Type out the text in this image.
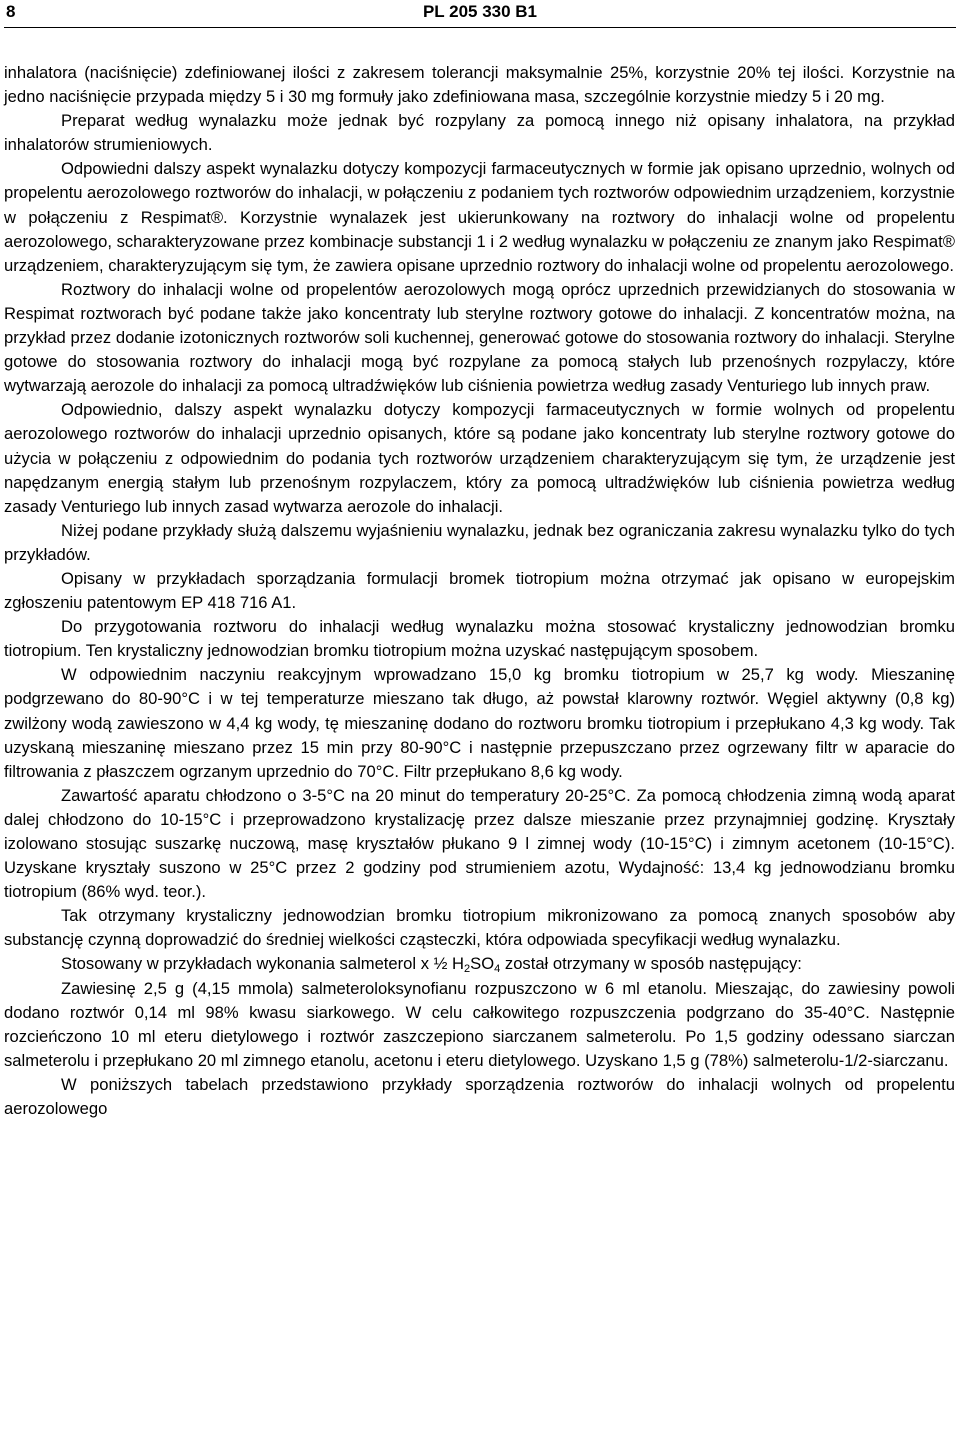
8	PL 205 330 B1

inhalatora (naciśnięcie) zdefiniowanej ilości z zakresem tolerancji maksymalnie 25%, korzystnie 20% tej ilości. Korzystnie na jedno naciśnięcie przypada między 5 i 30 mg formuły jako zdefiniowana masa, szczególnie korzystnie miedzy 5 i 20 mg.

Preparat według wynalazku może jednak być rozpylany za pomocą innego niż opisany inhalatora, na przykład inhalatorów strumieniowych.

Odpowiedni dalszy aspekt wynalazku dotyczy kompozycji farmaceutycznych w formie jak opisano uprzednio, wolnych od propelentu aerozolowego roztworów do inhalacji, w połączeniu z podaniem tych roztworów odpowiednim urządzeniem, korzystnie w połączeniu z Respimat®. Korzystnie wynalazek jest ukierunkowany na roztwory do inhalacji wolne od propelentu aerozolowego, scharakteryzowane przez kombinacje substancji 1 i 2 według wynalazku w połączeniu ze znanym jako Respimat® urządzeniem, charakteryzującym się tym, że zawiera opisane uprzednio roztwory do inhalacji wolne od propelentu aerozolowego.

Roztwory do inhalacji wolne od propelentów aerozolowych mogą oprócz uprzednich przewidzianych do stosowania w Respimat roztworach być podane także jako koncentraty lub sterylne roztwory gotowe do inhalacji. Z koncentratów można, na przykład przez dodanie izotonicznych roztworów soli kuchennej, generować gotowe do stosowania roztwory do inhalacji. Sterylne gotowe do stosowania roztwory do inhalacji mogą być rozpylane za pomocą stałych lub przenośnych rozpylaczy, które wytwarzają aerozole do inhalacji za pomocą ultradźwięków lub ciśnienia powietrza według zasady Venturiego lub innych praw.

Odpowiednio, dalszy aspekt wynalazku dotyczy kompozycji farmaceutycznych w formie wolnych od propelentu aerozolowego roztworów do inhalacji uprzednio opisanych, które są podane jako koncentraty lub sterylne roztwory gotowe do użycia w połączeniu z odpowiednim do podania tych roztworów urządzeniem charakteryzującym się tym, że urządzenie jest napędzanym energią stałym lub przenośnym rozpylaczem, który za pomocą ultradźwięków lub ciśnienia powietrza według zasady Venturiego lub innych zasad wytwarza aerozole do inhalacji.

Niżej podane przykłady służą dalszemu wyjaśnieniu wynalazku, jednak bez ograniczania zakresu wynalazku tylko do tych przykładów.

Opisany w przykładach sporządzania formulacji bromek tiotropium można otrzymać jak opisano w europejskim zgłoszeniu patentowym EP 418 716 A1.

Do przygotowania roztworu do inhalacji według wynalazku można stosować krystaliczny jednowodzian bromku tiotropium. Ten krystaliczny jednowodzian bromku tiotropium można uzyskać następującym sposobem.

W odpowiednim naczyniu reakcyjnym wprowadzano 15,0 kg bromku tiotropium w 25,7 kg wody. Mieszaninę podgrzewano do 80-90°C i w tej temperaturze mieszano tak długo, aż powstał klarowny roztwór. Węgiel aktywny (0,8 kg) zwilżony wodą zawieszono w 4,4 kg wody, tę mieszaninę dodano do roztworu bromku tiotropium i przepłukano 4,3 kg wody. Tak uzyskaną mieszaninę mieszano przez 15 min przy 80-90°C i następnie przepuszczano przez ogrzewany filtr w aparacie do filtrowania z płaszczem ogrzanym uprzednio do 70°C. Filtr przepłukano 8,6 kg wody.

Zawartość aparatu chłodzono o 3-5°C na 20 minut do temperatury 20-25°C. Za pomocą chłodzenia zimną wodą aparat dalej chłodzono do 10-15°C i przeprowadzono krystalizację przez dalsze mieszanie przez przynajmniej godzinę. Kryształy izolowano stosując suszarkę nuczową, masę kryształów płukano 9 l zimnej wody (10-15°C) i zimnym acetonem (10-15°C). Uzyskane kryształy suszono w 25°C przez 2 godziny pod strumieniem azotu, Wydajność: 13,4 kg jednowodzianu bromku tiotropium (86% wyd. teor.).

Tak otrzymany krystaliczny jednowodzian bromku tiotropium mikronizowano za pomocą znanych sposobów aby substancję czynną doprowadzić do średniej wielkości cząsteczki, która odpowiada specyfikacji według wynalazku.

Stosowany w przykładach wykonania salmeterol x ½ $H_2SO_4$ został otrzymany w sposób następujący:

Zawiesinę 2,5 g (4,15 mmola) salmeteroloksynofianu rozpuszczono w 6 ml etanolu. Mieszając, do zawiesiny powoli dodano roztwór 0,14 ml 98% kwasu siarkowego. W celu całkowitego rozpuszczenia podgrzano do 35-40°C. Następnie rozcieńczono 10 ml eteru dietylowego i roztwór zaszczepiono siarczanem salmeterolu. Po 1,5 godziny odessano siarczan salmeterolu i przepłukano 20 ml zimnego etanolu, acetonu i eteru dietylowego. Uzyskano 1,5 g (78%) salmeterolu-1/2-siarczanu.

W poniższych tabelach przedstawiono przykłady sporządzenia roztworów do inhalacji wolnych od propelentu aerozolowego
